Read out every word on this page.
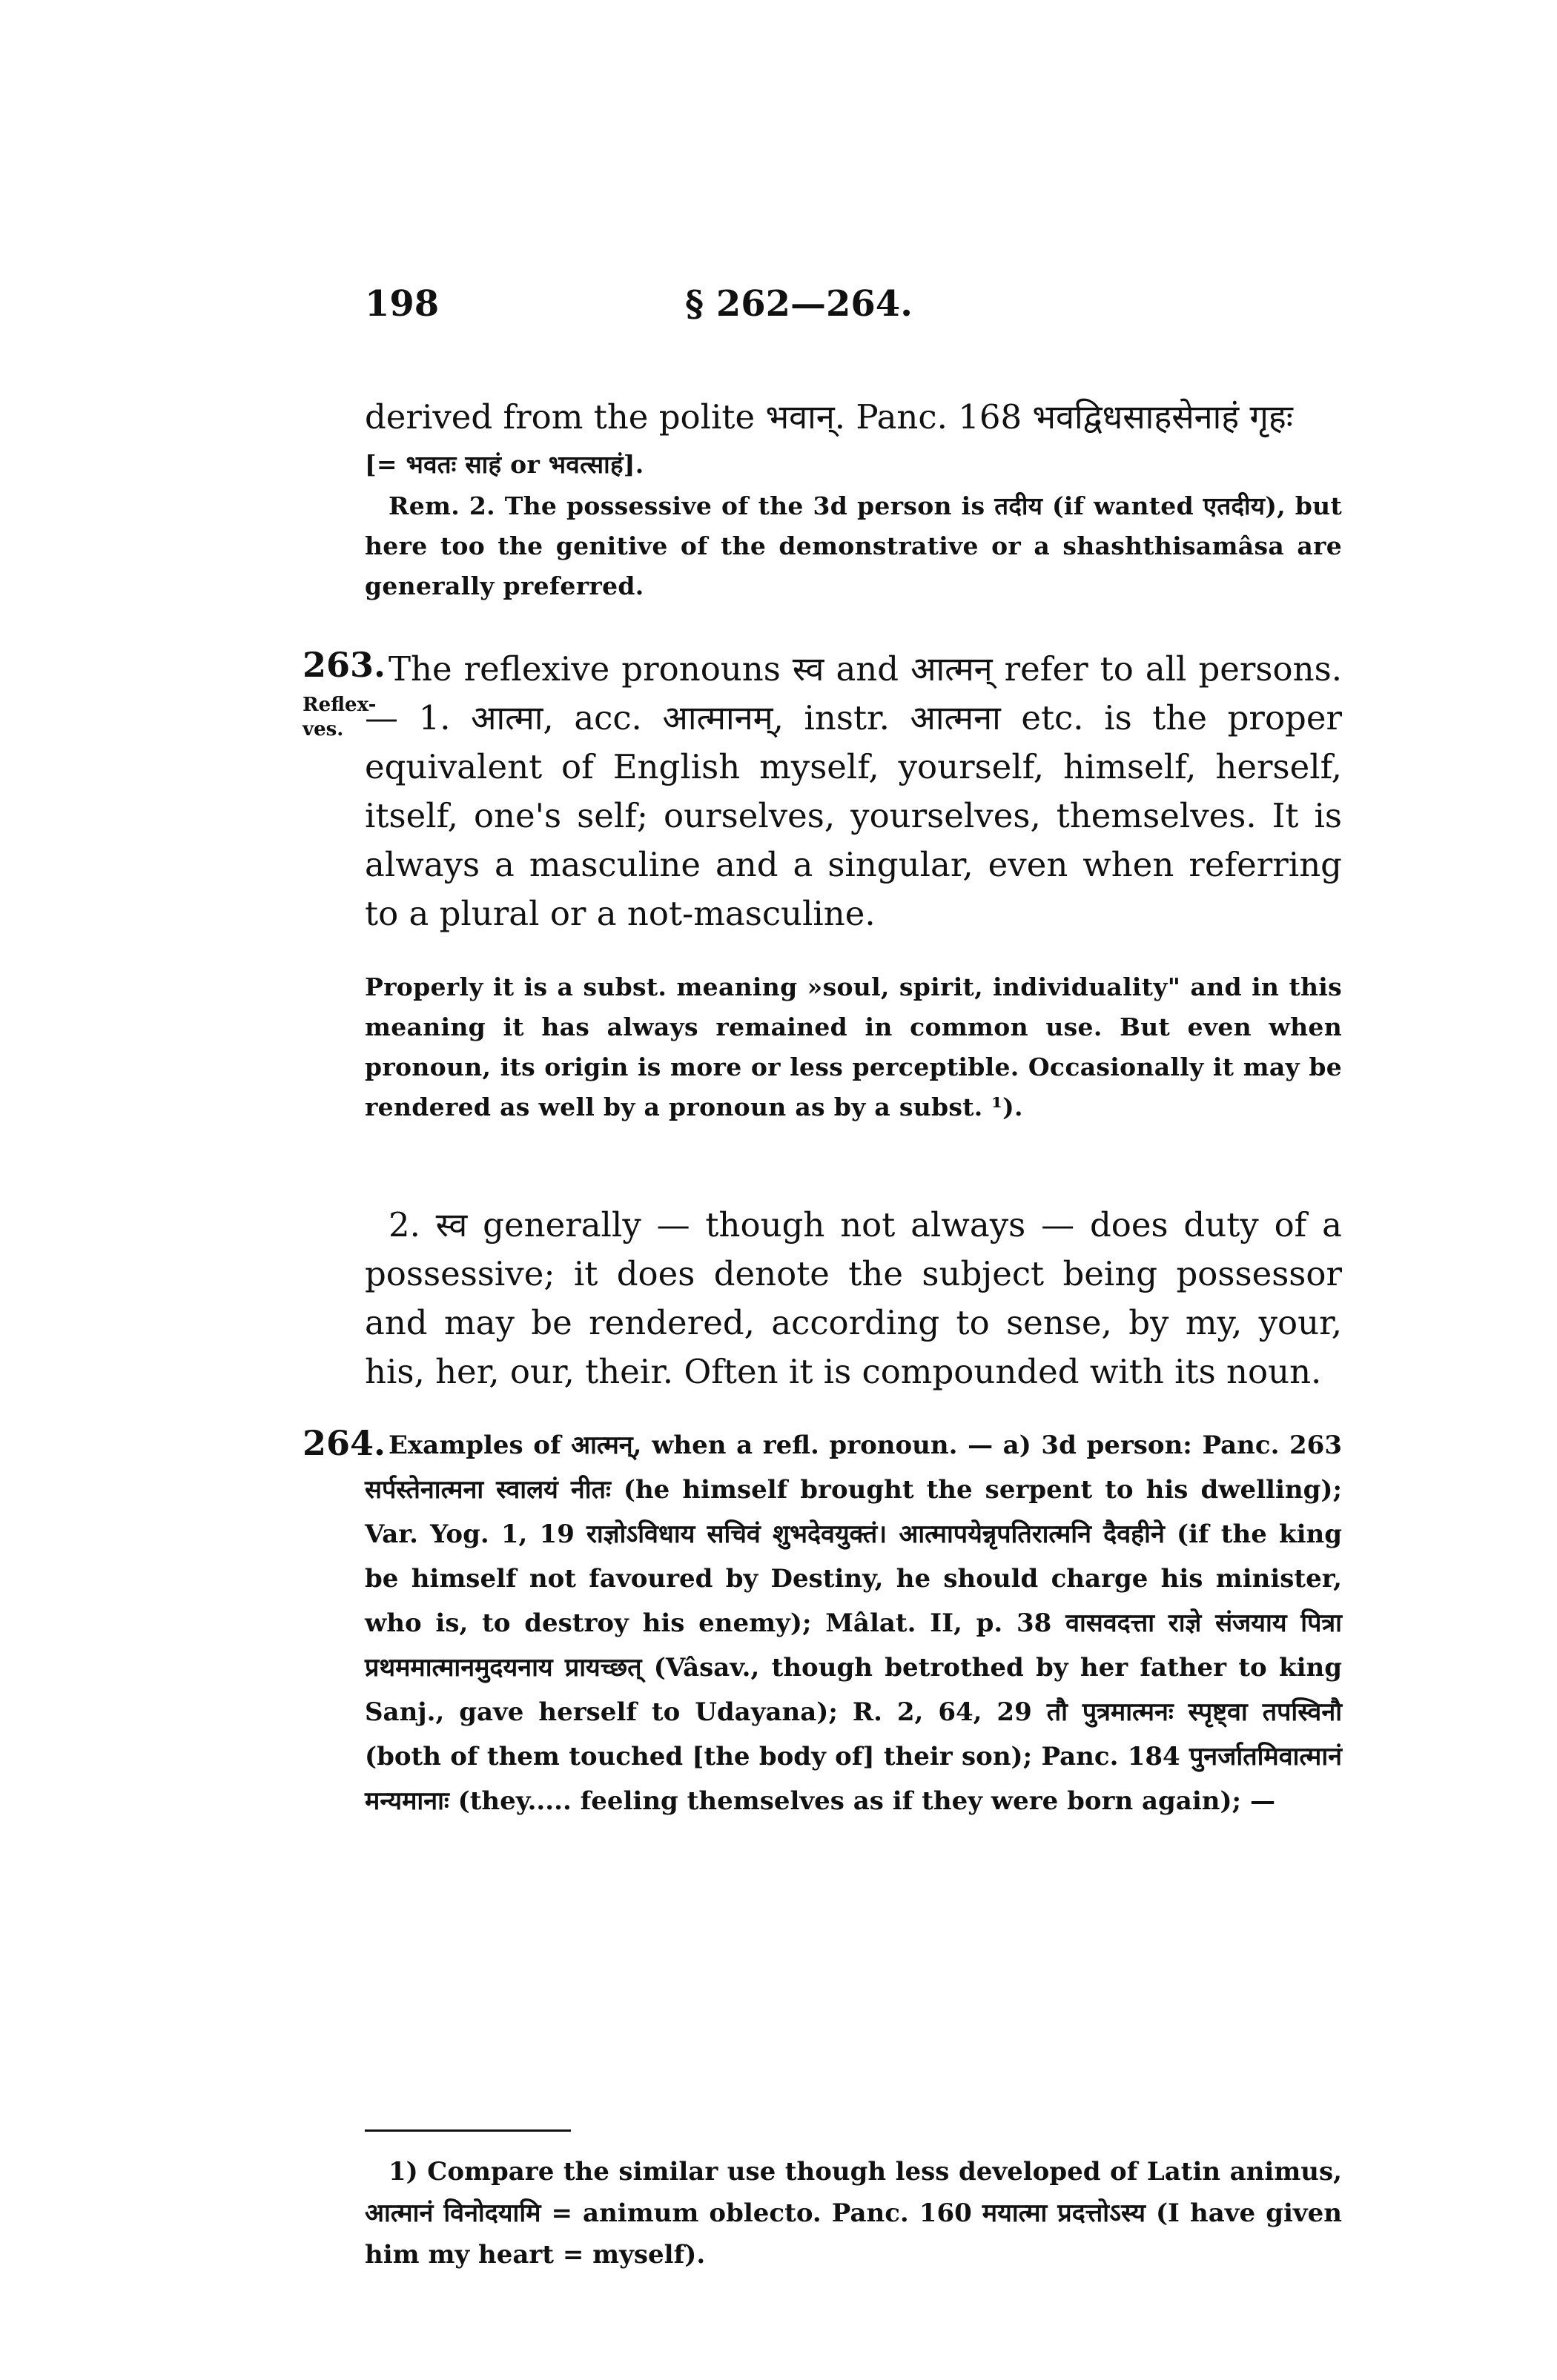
198	§ 262—264.
derived from the polite भवान्. Panc. 168 भवद्विधसाहसेनाहं गृहः
[= भवतः साहं or भवत्साहं].
Rem. 2. The possessive of the 3d person is तदीय (if wanted एतदीय), but here too the genitive of the demonstrative or a shashthisamâsa are generally preferred.
263.
Reflex-
ves.
The reflexive pronouns स्व and आत्मन् refer to all persons. — 1. आत्मा, acc. आत्मानम्, instr. आत्मना etc. is the proper equivalent of English myself, yourself, himself, herself, itself, one's self; ourselves, yourselves, themselves. It is always a masculine and a singular, even when referring to a plural or a not-masculine.
Properly it is a subst. meaning »soul, spirit, individuality" and in this meaning it has always remained in common use. But even when pronoun, its origin is more or less perceptible. Occasionally it may be rendered as well by a pronoun as by a subst. ¹).
2. स्व generally — though not always — does duty of a possessive; it does denote the subject being possessor and may be rendered, according to sense, by my, your, his, her, our, their. Often it is compounded with its noun.
264. Examples of आत्मन्, when a refl. pronoun. — a) 3d person: Panc. 263 सर्पस्तेनात्मना स्वालयं नीतः (he himself brought the serpent to his dwelling); Var. Yog. 1, 19 राज्ञोऽविधाय सचिवं शुभदेवयुक्तं। आत्मापयेन्नृपतिरात्मनि दैवहीने (if the king be himself not favoured by Destiny, he should charge his minister, who is, to destroy his enemy); Mâlat. II, p. 38 वासवदत्ता राज्ञे संजयाय पित्रा प्रथममात्मानमुदयनाय प्रायच्छत् (Vâsav., though betrothed by her father to king Sanj., gave herself to Udayana); R. 2, 64, 29 तौ पुत्रमात्मनः स्पृष्ट्वा तपस्विनौ (both of them touched [the body of] their son); Panc. 184 पुनर्जातमिवात्मानं मन्यमानाः (they..... feeling themselves as if they were born again); —
1) Compare the similar use though less developed of Latin animus, आत्मानं विनोदयामि = animum oblecto. Panc. 160 मयात्मा प्रदत्तोऽस्य (I have given him my heart = myself).
